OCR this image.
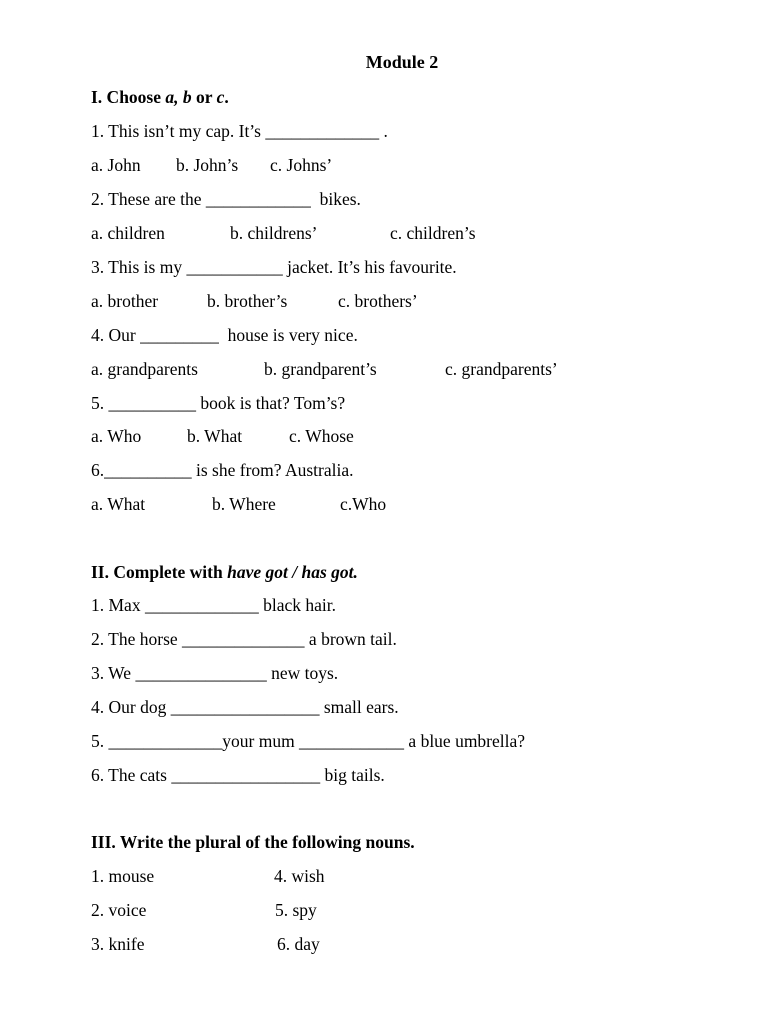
Module 2
I. Choose a, b or c.
1. This isn’t my cap. It’s _____________ .
a. John b. John’s c. Johns’
2. These are the ____________  bikes.
a. children	b. childrens’	c. children’s
3. This is my ___________ jacket. It’s his favourite.
a. brother	b. brother’s	c. brothers’
4. Our _________  house is very nice.
a. grandparents	b. grandparent’s	c. grandparents’
5. __________ book is that? Tom’s?
a. Who	b. What	c. Whose
6.__________ is she from? Australia.
a. What	b. Where	c.Who
II. Complete with have got / has got.
1. Max _____________ black hair.
2. The horse ______________ a brown tail.
3. We _______________ new toys.
4. Our dog _________________ small ears.
5. _____________your mum ____________ a blue umbrella?
6. The cats _________________ big tails.
III. Write the plural of the following nouns.
1. mouse	4. wish
2. voice	5. spy
3. knife	6. day
